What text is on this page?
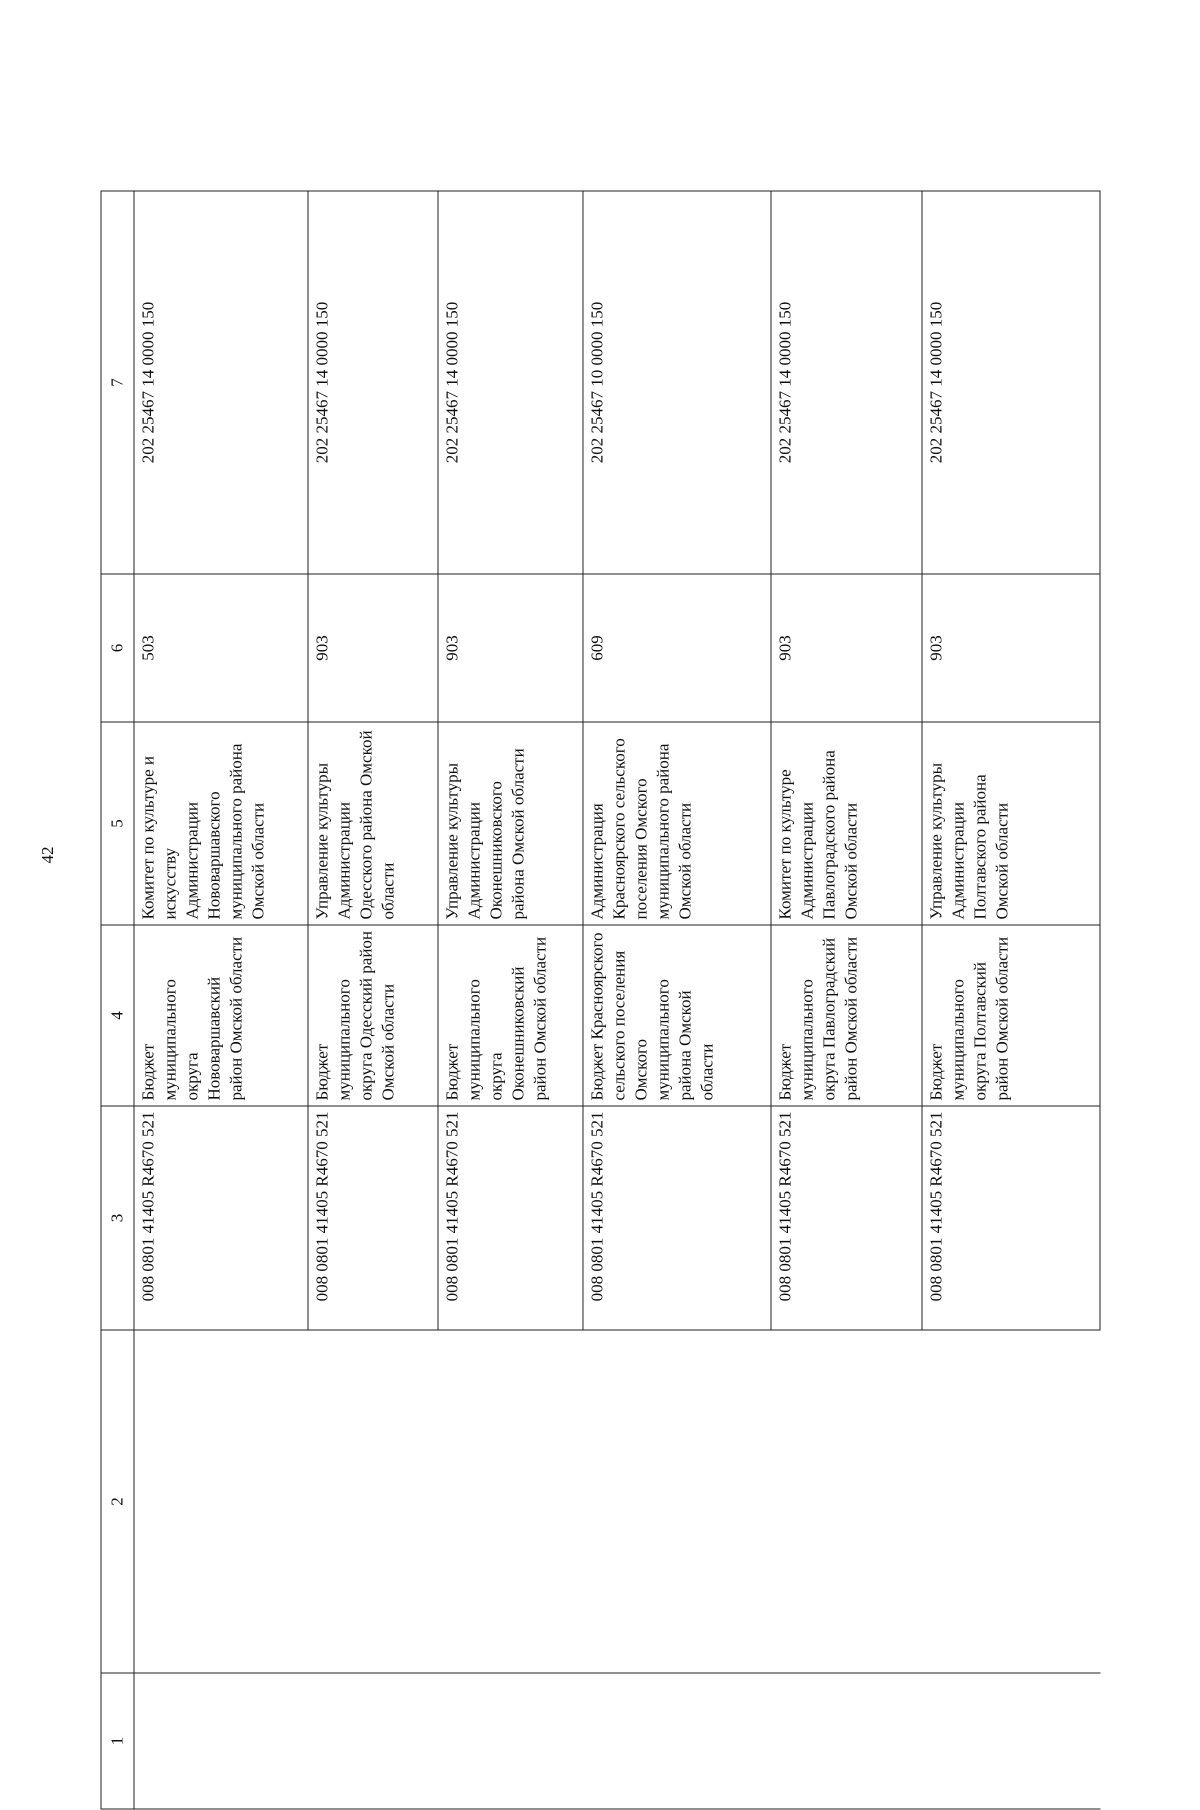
42
1	2	3	4	5	6	7
		008 0801 41405 R4670 521	Бюджет муниципального округа Нововаршавский район Омской области	Комитет по культуре и искусству Администрации Нововаршавского муниципального района Омской области	503	202 25467 14 0000 150
		008 0801 41405 R4670 521	Бюджет муниципального округа Одесский район Омской области	Управление культуры Администрации Одесского района Омской области	903	202 25467 14 0000 150
		008 0801 41405 R4670 521	Бюджет муниципального округа Оконешниковский район Омской области	Управление культуры Администрации Оконешниковского района Омской области	903	202 25467 14 0000 150
		008 0801 41405 R4670 521	Бюджет Красноярского сельского поселения Омского муниципального района Омской области	Администрация Красноярского сельского поселения Омского муниципального района Омской области	609	202 25467 10 0000 150
		008 0801 41405 R4670 521	Бюджет муниципального округа Павлоградский район Омской области	Комитет по культуре Администрации Павлоградского района Омской области	903	202 25467 14 0000 150
		008 0801 41405 R4670 521	Бюджет муниципального округа Полтавский район Омской области	Управление культуры Администрации Полтавского района Омской области	903	202 25467 14 0000 150
